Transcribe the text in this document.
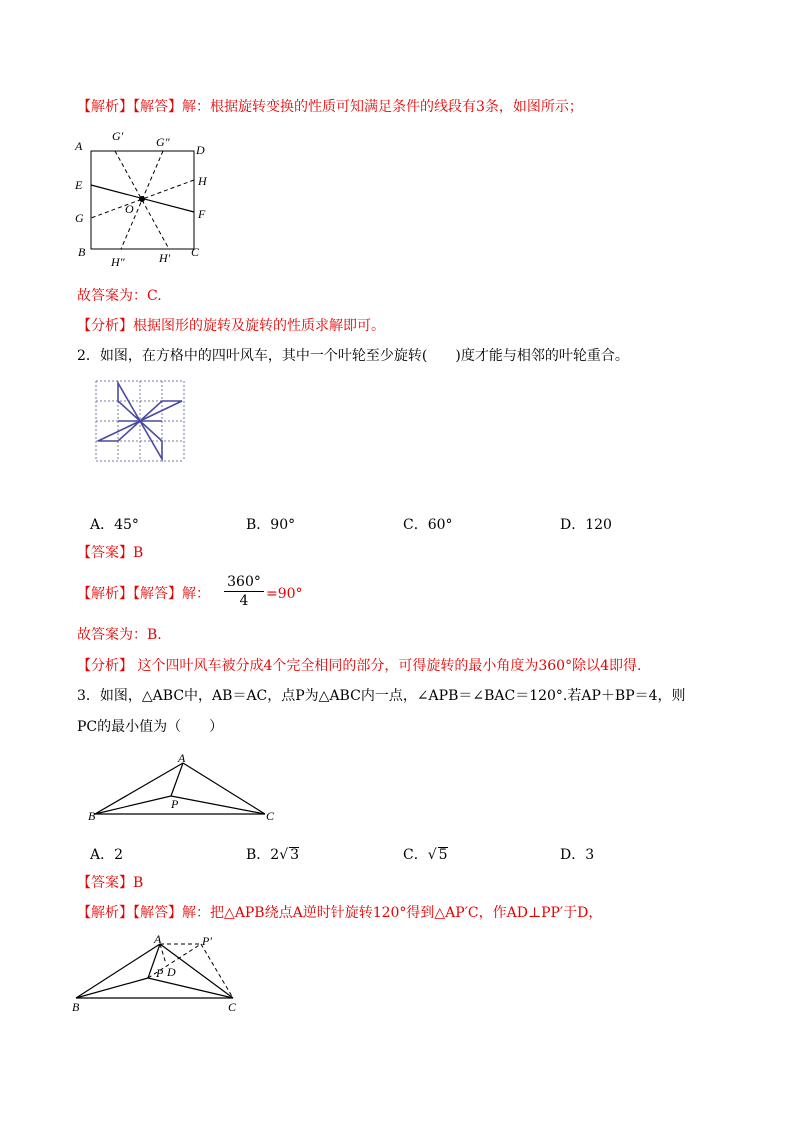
【解析】【解答】解：根据旋转变换的性质可知满足条件的线段有3条，如图所示；
A
G′	G″
D
E	H
G
O	F
B	C
H″	H′
故答案为：C.
【分析】根据图形的旋转及旋转的性质求解即可。
2．如图，在方格中的四叶风车，其中一个叶轮至少旋转(　　)度才能与相邻的叶轮重合。
A．45°	B．90°	C．60°	D．120
【答案】B
【解析】【解答】解： $\frac{360^\circ}{4} =90^\circ$
故答案为：B.
【分析】 这个四叶风车被分成4个完全相同的部分，可得旋转的最小角度为360°除以4即得.
3．如图，△ABC中，AB＝AC，点P为△ABC内一点，∠APB＝∠BAC＝120°.若AP＋BP＝4，则
PC的最小值为（　　）
A
P
B	C
A．2	B．2√ 3	C．√ 5	D．3
【答案】B
【解析】【解答】解：把△APB绕点A逆时针旋转120°得到△AP′C，作AD⊥PP′于D，
A	P′
P D
B	C
